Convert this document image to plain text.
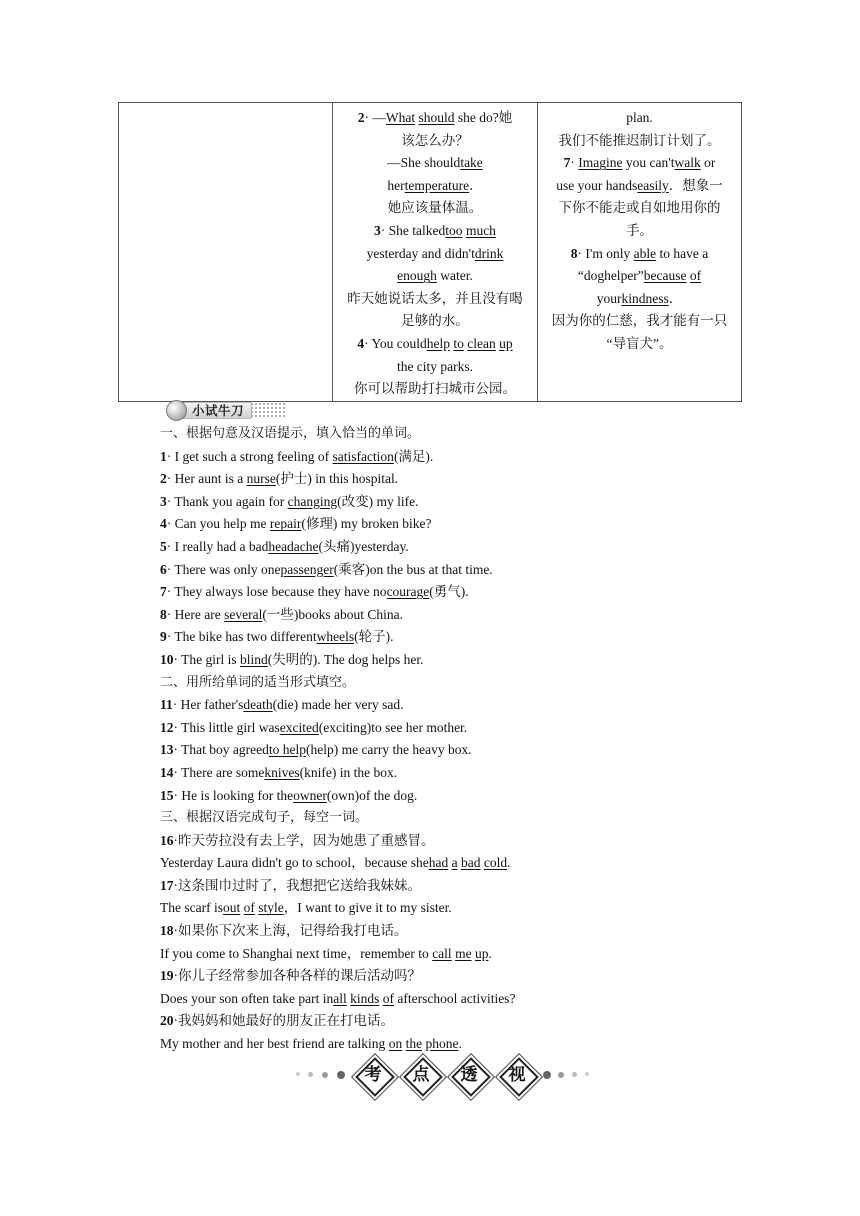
2· —What should she do?她
该怎么办？
—She shouldtake
hertemperature．
她应该量体温。
3· She talkedtoo much
yesterday and didn'tdrink
enough water.
昨天她说话太多，并且没有喝
足够的水。
4· You couldhelp to clean up
the city parks.
你可以帮助打扫城市公园。

plan.
我们不能推迟制订计划了。
7· Imagine you can'twalk or
use your handseasily．想象一
下你不能走或自如地用你的
手。
8· I'm only able to have a
“doghelper”because of
yourkindness．
因为你的仁慈，我才能有一只
“导盲犬”。
小试牛刀
一、根据句意及汉语提示，填入恰当的单词。
1· I get such a strong feeling of satisfaction(满足).
2· Her aunt is a nurse(护士) in this hospital.
3· Thank you again for changing(改变) my life.
4· Can you help me repair(修理) my broken bike?
5· I really had a badheadache(头痛)yesterday.
6· There was only onepassenger(乘客)on the bus at that time.
7· They always lose because they have nocourage(勇气).
8· Here are several(一些)books about China.
9· The bike has two differentwheels(轮子).
10· The girl is blind(失明的). The dog helps her.
二、用所给单词的适当形式填空。
11· Her father'sdeath(die) made her very sad.
12· This little girl wasexcited(exciting)to see her mother.
13· That boy agreedto help(help) me carry the heavy box.
14· There are someknives(knife) in the box.
15· He is looking for theowner(own)of the dog.
三、根据汉语完成句子，每空一词。
16·昨天劳拉没有去上学，因为她患了重感冒。
Yesterday Laura didn't go to school，because shehad a bad cold.
17·这条围巾过时了，我想把它送给我妹妹。
The scarf isout of style，I want to give it to my sister.
18·如果你下次来上海，记得给我打电话。
If you come to Shanghai next time，remember to call me up.
19·你儿子经常参加各种各样的课后活动吗？
Does your son often take part inall kinds of afterschool activities?
20·我妈妈和她最好的朋友正在打电话。
My mother and her best friend are talking on the phone.
考	点	透	视
